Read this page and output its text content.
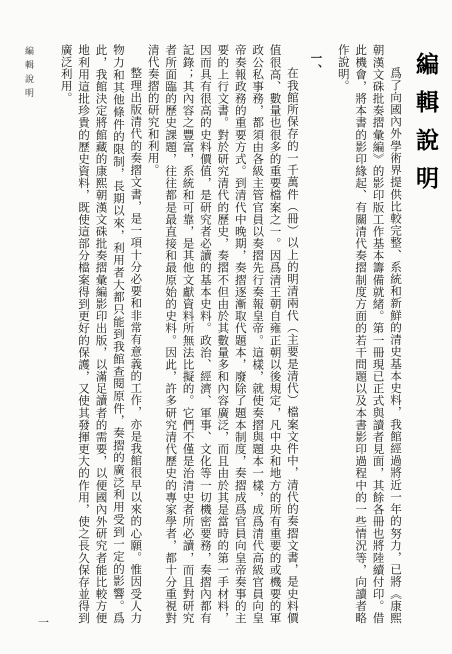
編輯說明

爲了向國內外學術界提供比較完整、系統和新鮮的清史基本史料，我館經過將近一年的努力，已將《康熙朝漢文硃批奏摺彙編》的影印版工作基本籌備就緒。第一冊現已正式與讀者見面，其餘各冊也將陸續付印。借此機會，將本書的影印緣起、有關清代奏摺制度方面的若干問題以及本書影印過程中的一些情況等，向讀者略作說明。

一、

在我館所保存的一千萬件（冊）以上的明清兩代（主要是清代）檔案文件中，清代的奏摺文書，是史料價值很高、數量也很多的重要檔案之一。因爲清王朝自雍正朝以後規定，凡中央和地方的所有重要的或機要的軍政公私事務，都須由各級主管官員以奏摺先行奏報皇帝。這樣，就使奏摺與題本一樣，成爲清代高級官員向皇帝奏報政務的重要方式。到清代中晚期，奏摺逐漸取代題本，廢除了題本制度，奏摺成爲官員向皇帝奏事的主要的上行文書。對於研究清代的歷史，奏摺不但由於其數量多和內容廣泛，而且由於其是當時的第一手材料，因而具有很高的史料價值，是研究者必讀的基本史料。政治、經濟、軍事、文化等一切機密要務，奏摺內都有記錄；其內容之豐富，系統和可靠，是其他文獻資料所無法比擬的。它們不僅是治清史者所必讀，而且對研究者所面臨的歷史課題，往往都是最直接和最原始的史料。因此，許多研究清代歷史的專家學者，都十分重視對清代奏摺的研究和利用。

整理出版清代的奏摺文書，是一項十分必要和非常有意義的工作，亦是我館很早以來的心願。惟因受人力物力和其他條件的限制，長期以來，利用者大都只能到我館查閱原件，奏摺的廣泛利用受到一定的影響。爲此，我館決定將館藏的康熙朝漢文硃批奏摺彙編影印出版，以滿足讀者的需要，以便國內外研究者能比較方便地利用這批珍貴的歷史資料，既使這部分檔案得到更好的保護，又使其發揮更大的作用，使之長久保存並得到廣泛利用。

編輯說明
一
